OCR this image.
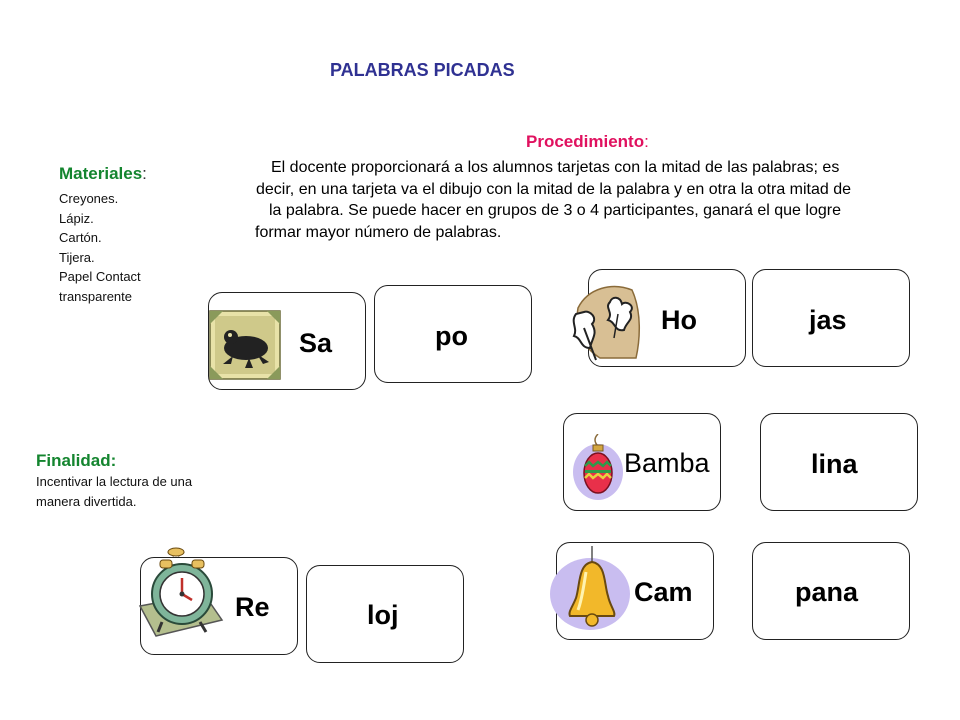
PALABRAS PICADAS
Procedimiento:
El docente proporcionará a los alumnos tarjetas con la mitad de las palabras; es
decir, en una tarjeta va el dibujo con la mitad de la palabra y en otra la otra mitad de
la palabra. Se puede hacer en grupos de 3 o 4 participantes, ganará el que logre
formar mayor número de palabras.
Materiales:
Creyones.
Lápiz.
Cartón.
Tijera.
Papel Contact
transparente
Finalidad:
Incentivar la lectura de una
manera divertida.
Sa	po
Ho	jas
Bamba	lina
Cam	pana
Re	loj
